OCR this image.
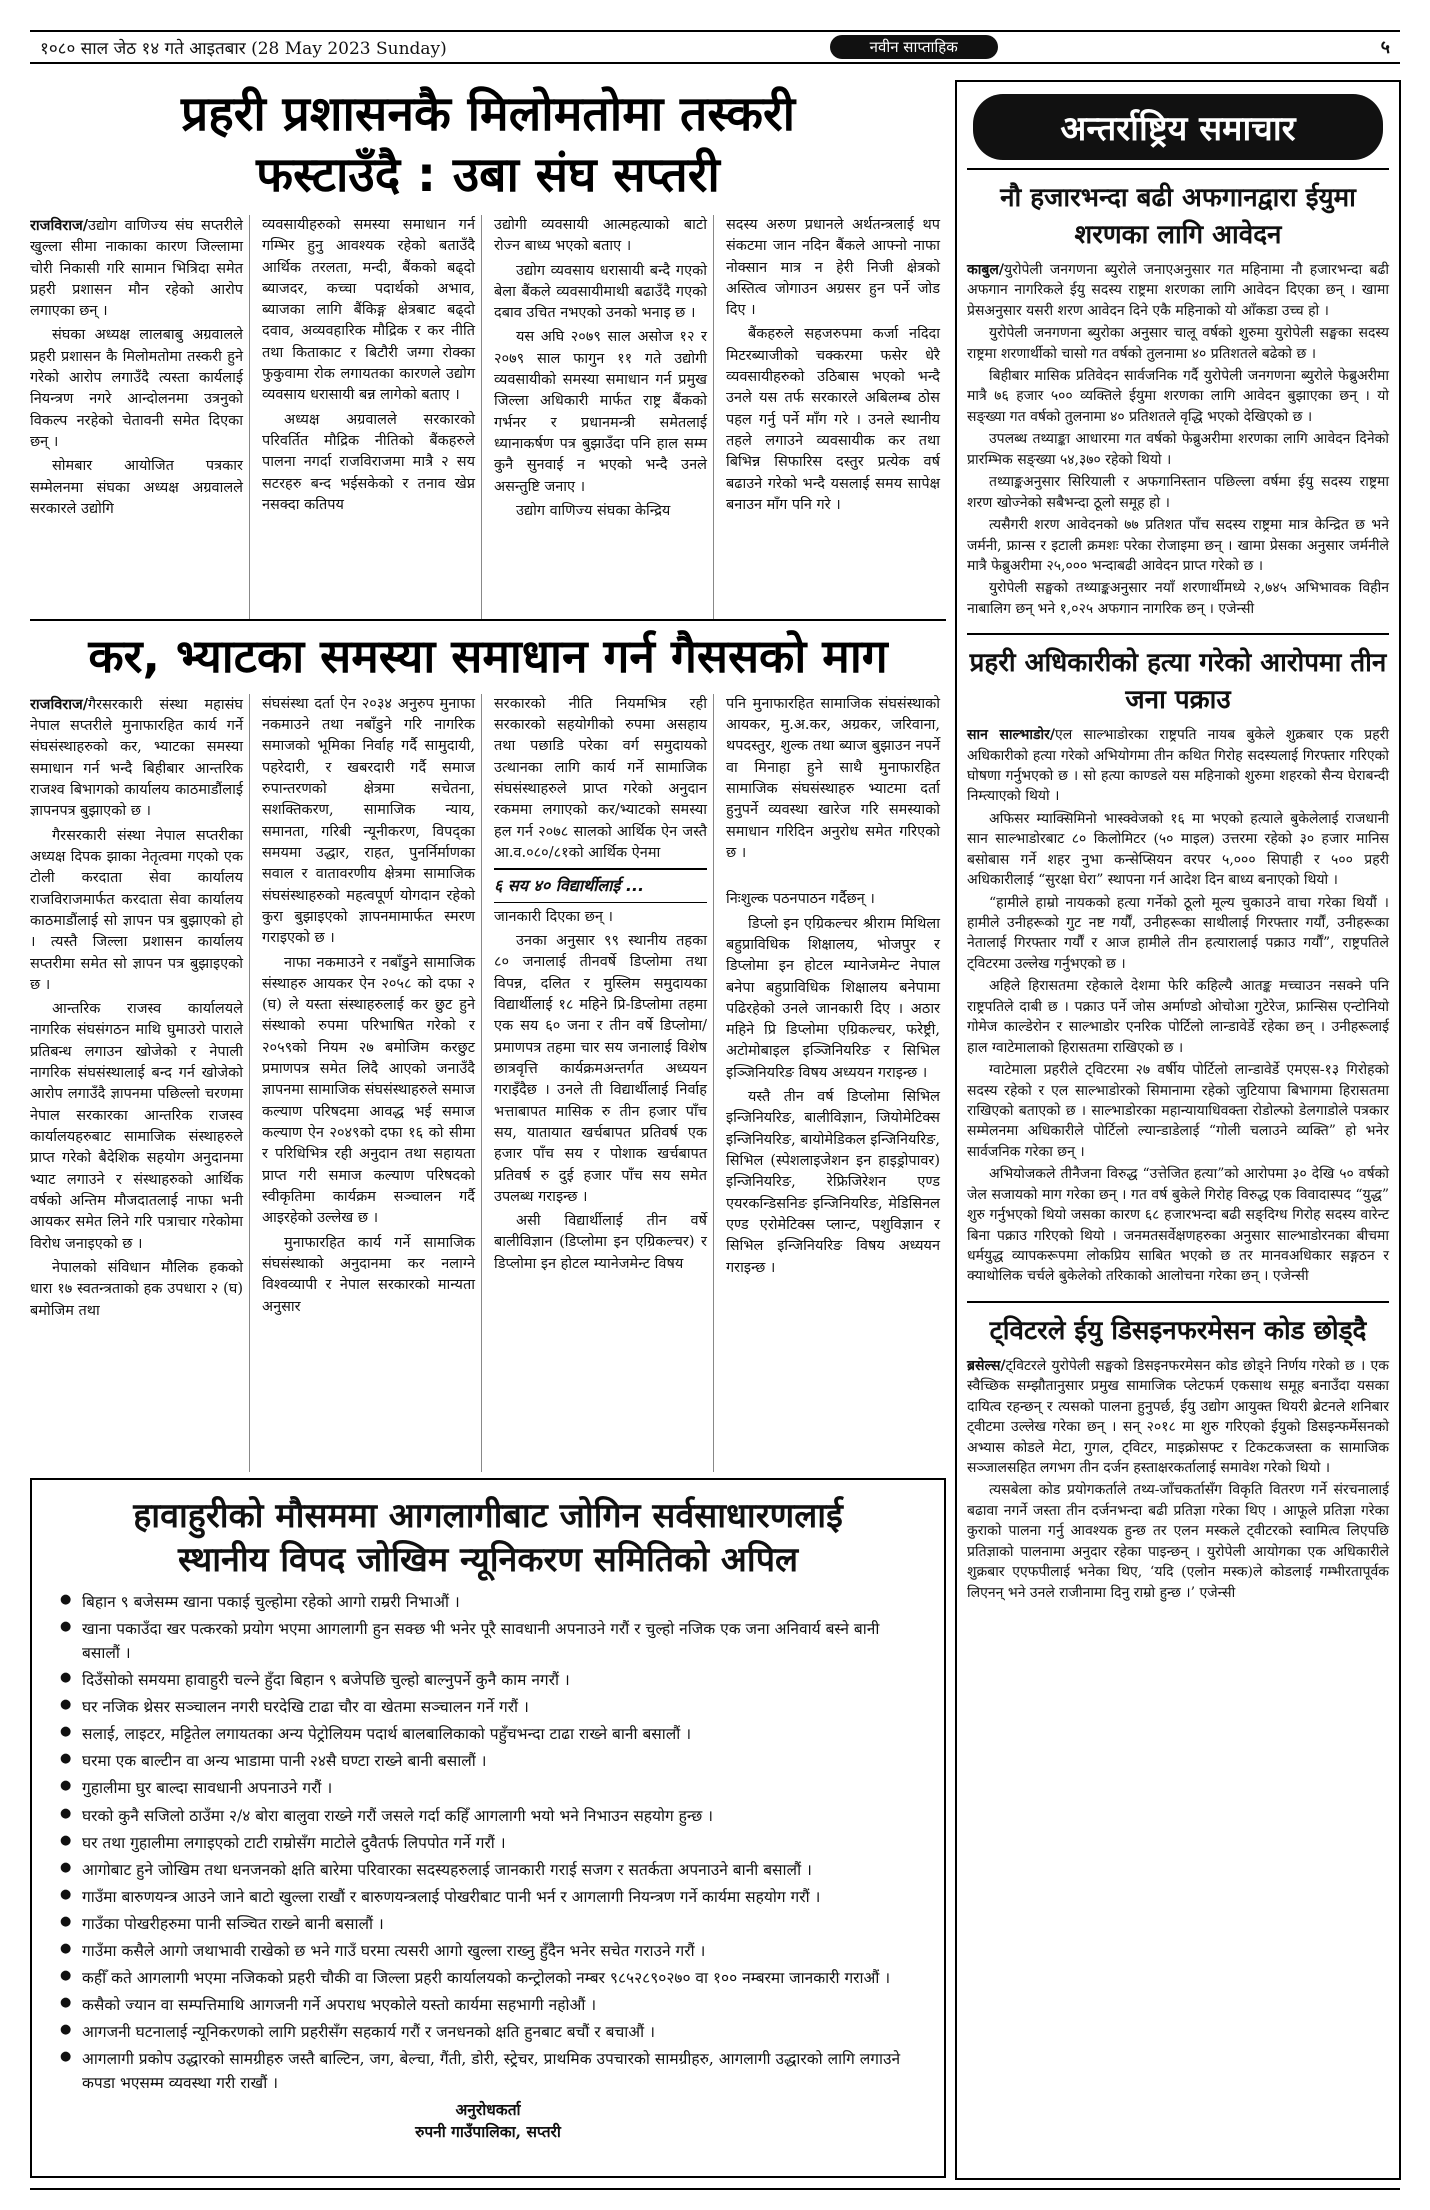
१०८० साल जेठ १४ गते आइतबार (28 May 2023 Sunday)	नवीन साप्ताहिक	५
प्रहरी प्रशासनकै मिलोमतोमा तस्करी
फस्टाउँदै : उबा संघ सप्तरी

राजविराज/उद्योग वाणिज्य संघ सप्तरीले खुल्ला सीमा नाकाका कारण जिल्लामा चोरी निकासी गरि सामान भित्रिदा समेत प्रहरी प्रशासन मौन रहेको आरोप लगाएका छन् ।

संघका अध्यक्ष लालबाबु अग्रवालले प्रहरी प्रशासन कै मिलोमतोमा तस्करी हुने गरेको आरोप लगाउँदै त्यस्ता कार्यलाई नियन्त्रण नगरे आन्दोलनमा उत्रनुको विकल्प नरहेको चेतावनी समेत दिएका छन् ।

सोमबार आयोजित पत्रकार सम्मेलनमा संघका अध्यक्ष अग्रवालले सरकारले उद्योगि

व्यवसायीहरुको समस्या समाधान गर्न गम्भिर हुनु आवश्यक रहेको बताउँदै आर्थिक तरलता, मन्दी, बैंकको बढ्दो ब्याजदर, कच्चा पदार्थको अभाव, ब्याजका लागि बैंकिङ्ग क्षेत्रबाट बढ्दो दवाव, अव्यवहारिक मौद्रिक र कर नीति तथा किताकाट र बिटौरी जग्गा रोक्का फुकुवामा रोक लगायतका कारणले उद्योग व्यवसाय धरासायी बन्न लागेको बताए ।

अध्यक्ष अग्रवालले सरकारको परिवर्तित मौद्रिक नीतिको बैंकहरुले पालना नगर्दा राजविराजमा मात्रै २ सय सटरहरु बन्द भईसकेको र तनाव खेप्न नसक्दा कतिपय

उद्योगी व्यवसायी आत्महत्याको बाटो रोज्न बाध्य भएको बताए ।

उद्योग व्यवसाय धरासायी बन्दै गएको बेला बैंकले व्यवसायीमाथी बढाउँदै गएको दबाव उचित नभएको उनको भनाइ छ ।

यस अघि २०७९ साल असोज १२ र २०७९ साल फागुन ११ गते उद्योगी व्यवसायीको समस्या समाधान गर्न प्रमुख जिल्ला अधिकारी मार्फत राष्ट्र बैंकको गर्भनर र प्रधानमन्त्री समेतलाई ध्यानाकर्षण पत्र बुझाउँदा पनि हाल सम्म कुनै सुनवाई न भएको भन्दै उनले असन्तुष्टि जनाए ।

उद्योग वाणिज्य संघका केन्द्रिय

सदस्य अरुण प्रधानले अर्थतन्त्रलाई थप संकटमा जान नदिन बैंकले आफ्नो नाफा नोक्सान मात्र न हेरी निजी क्षेत्रको अस्तित्व जोगाउन अग्रसर हुन पर्ने जोड दिए ।

बैंकहरुले सहजरुपमा कर्जा नदिदा मिटरब्याजीको चक्करमा फसेर धेरै व्यवसायीहरुको उठिबास भएको भन्दै उनले यस तर्फ सरकारले अबिलम्ब ठोस पहल गर्नु पर्ने माँग गरे । उनले स्थानीय तहले लगाउने व्यवसायीक कर तथा बिभिन्न सिफारिस दस्तुर प्रत्येक वर्ष बढाउने गरेको भन्दै यसलाई समय सापेक्ष बनाउन माँग पनि गरे ।

कर, भ्याटका समस्या समाधान गर्न गैससको माग

राजविराज/गैरसरकारी संस्था महासंघ नेपाल सप्तरीले मुनाफारहित कार्य गर्ने संघसंस्थाहरुको कर, भ्याटका समस्या समाधान गर्न भन्दै बिहीबार आन्तरिक राजश्व बिभागको कार्यालय काठमाडौंलाई ज्ञापनपत्र बुझाएको छ ।

गैरसरकारी संस्था नेपाल सप्तरीका अध्यक्ष दिपक झाका नेतृत्वमा गएको एक टोली करदाता सेवा कार्यालय राजविराजमार्फत करदाता सेवा कार्यालय काठमाडौंलाई सो ज्ञापन पत्र बुझाएको हो । त्यस्तै जिल्ला प्रशासन कार्यालय सप्तरीमा समेत सो ज्ञापन पत्र बुझाइएको छ ।

आन्तरिक राजस्व कार्यालयले नागरिक संघसंगठन माथि घुमाउरो पाराले प्रतिबन्ध लगाउन खोजेको र नेपाली नागरिक संघसंस्थालाई बन्द गर्न खोजेको आरोप लगाउँदै ज्ञापनमा पछिल्लो चरणमा नेपाल सरकारका आन्तरिक राजस्व कार्यालयहरुबाट सामाजिक संस्थाहरुले प्राप्त गरेको बैदेशिक सहयोग अनुदानमा भ्याट लगाउने र संस्थाहरुको आर्थिक वर्षको अन्तिम मौजदातलाई नाफा भनी आयकर समेत लिने गरि पत्राचार गरेकोमा विरोध जनाइएको छ ।

नेपालको संविधान मौलिक हकको धारा १७ स्वतन्त्रताको हक उपधारा २ (घ) बमोजिम तथा

संघसंस्था दर्ता ऐन २०३४ अनुरुप मुनाफा नकमाउने तथा नबाँडुने गरि नागरिक समाजको भूमिका निर्वाह गर्दै सामुदायी, पहरेदारी, र खबरदारी गर्दै समाज रुपान्तरणको क्षेत्रमा सचेतना, सशक्तिकरण, सामाजिक न्याय, समानता, गरिबी न्यूनीकरण, विपद्का समयमा उद्धार, राहत, पुनर्निर्माणका सवाल र वातावरणीय क्षेत्रमा सामाजिक संघसंस्थाहरुको महत्वपूर्ण योगदान रहेको कुरा बुझाइएको ज्ञापनमामार्फत स्मरण गराइएको छ ।

नाफा नकमाउने र नबाँडुने सामाजिक संस्थाहरु आयकर ऐन २०५८ को दफा २ (घ) ले यस्ता संस्थाहरुलाई कर छुट हुने संस्थाको रुपमा परिभाषित गरेको र २०५९को नियम २७ बमोजिम करछुट प्रमाणपत्र समेत लिदै आएको जनाउँदै ज्ञापनमा सामाजिक संघसंस्थाहरुले समाज कल्याण परिषदमा आवद्ध भई समाज कल्याण ऐन २०४९को दफा १६ को सीमा र परिधिभित्र रही अनुदान तथा सहायता प्राप्त गरी समाज कल्याण परिषदको स्वीकृतिमा कार्यक्रम सञ्चालन गर्दै आइरहेको उल्लेख छ ।

मुनाफारहित कार्य गर्ने सामाजिक संघसंस्थाको अनुदानमा कर नलाग्ने विश्वव्यापी र नेपाल सरकारको मान्यता अनुसार

सरकारको नीति नियमभित्र रही सरकारको सहयोगीको रुपमा असहाय तथा पछाडि परेका वर्ग समुदायको उत्थानका लागि कार्य गर्ने सामाजिक संघसंस्थाहरुले प्राप्त गरेको अनुदान रकममा लगाएको कर/भ्याटको समस्या हल गर्न २०७८ सालको आर्थिक ऐन जस्तै आ.व.०८०/८१को आर्थिक ऐनमा

६ सय ४० विद्यार्थीलाई ...

जानकारी दिएका छन् ।

उनका अनुसार ९९ स्थानीय तहका ८० जनालाई तीनवर्षे डिप्लोमा तथा विपन्न, दलित र मुस्लिम समुदायका विद्यार्थीलाई १८ महिने प्रि-डिप्लोमा तहमा एक सय ६० जना र तीन वर्षे डिप्लोमा/प्रमाणपत्र तहमा चार सय जनालाई विशेष छात्रवृत्ति कार्यक्रमअन्तर्गत अध्ययन गराइँदैछ । उनले ती विद्यार्थीलाई निर्वाह भत्ताबापत मासिक रु तीन हजार पाँच सय, यातायात खर्चबापत प्रतिवर्ष एक हजार पाँच सय र पोशाक खर्चबापत प्रतिवर्ष रु दुई हजार पाँच सय समेत उपलब्ध गराइन्छ ।

असी विद्यार्थीलाई तीन वर्षे बालीविज्ञान (डिप्लोमा इन एग्रिकल्चर) र डिप्लोमा इन होटल म्यानेजमेन्ट विषय

पनि मुनाफारहित सामाजिक संघसंस्थाको आयकर, मु.अ.कर, अग्रकर, जरिवाना, थपदस्तुर, शुल्क तथा ब्याज बुझाउन नपर्ने वा मिनाहा हुने साथै मुनाफारहित सामाजिक संघसंस्थाहरु भ्याटमा दर्ता हुनुपर्ने व्यवस्था खारेज गरि समस्याको समाधान गरिदिन अनुरोध समेत गरिएको छ ।

निःशुल्क पठनपाठन गर्दैछन् ।

डिप्लो इन एग्रिकल्चर श्रीराम मिथिला बहुप्राविधिक शिक्षालय, भोजपुर र डिप्लोमा इन होटल म्यानेजमेन्ट नेपाल बनेपा बहुप्राविधिक शिक्षालय बनेपामा पढिरहेको उनले जानकारी दिए । अठार महिने प्रि डिप्लोमा एग्रिकल्चर, फरेष्ट्री, अटोमोबाइल इञ्जिनियरिङ र सिभिल इञ्जिनियरिङ विषय अध्ययन गराइन्छ ।

यस्तै तीन वर्ष डिप्लोमा सिभिल इन्जिनियरिङ, बालीविज्ञान, जियोमेटिक्स इन्जिनियरिङ, बायोमेडिकल इन्जिनियरिङ, सिभिल (स्पेशलाइजेशन इन हाइड्रोपावर) इन्जिनियरिङ, रेफ्रिजिरेशन एण्ड एयरकन्डिसनिङ इन्जिनियरिङ, मेडिसिनल एण्ड एरोमेटिक्स प्लान्ट, पशुविज्ञान र सिभिल इन्जिनियरिङ विषय अध्ययन गराइन्छ ।

हावाहुरीको मौसममा आगलागीबाट जोगिन सर्वसाधारणलाई
स्थानीय विपद जोखिम न्यूनिकरण समितिको अपिल
● बिहान ९ बजेसम्म खाना पकाई चुल्होमा रहेको आगो राम्ररी निभाऔं ।
● खाना पकाउँदा खर पत्करको प्रयोग भएमा आगलागी हुन सक्छ भी भनेर पूरै सावधानी अपनाउने गरौं र चुल्हो नजिक एक जना अनिवार्य बस्ने बानी बसालौं ।
● दिउँसोको समयमा हावाहुरी चल्ने हुँदा बिहान ९ बजेपछि चुल्हो बाल्नुपर्ने कुनै काम नगरौं ।
● घर नजिक थ्रेसर सञ्चालन नगरी घरदेखि टाढा चौर वा खेतमा सञ्चालन गर्ने गरौं ।
● सलाई, लाइटर, मट्टितेल लगायतका अन्य पेट्रोलियम पदार्थ बालबालिकाको पहुँचभन्दा टाढा राख्ने बानी बसालौं ।
● घरमा एक बाल्टीन वा अन्य भाडामा पानी २४सै घण्टा राख्ने बानी बसालौं ।
● गुहालीमा घुर बाल्दा सावधानी अपनाउने गरौं ।
● घरको कुनै सजिलो ठाउँमा २/४ बोरा बालुवा राख्ने गरौं जसले गर्दा कहिँ आगलागी भयो भने निभाउन सहयोग हुन्छ ।
● घर तथा गुहालीमा लगाइएको टाटी राम्रोसँग माटोले दुवैतर्फ लिपपोत गर्ने गरौं ।
● आगोबाट हुने जोखिम तथा धनजनको क्षति बारेमा परिवारका सदस्यहरुलाई जानकारी गराई सजग र सतर्कता अपनाउने बानी बसालौं ।
● गाउँमा बारुणयन्त्र आउने जाने बाटो खुल्ला राखौं र बारुणयन्त्रलाई पोखरीबाट पानी भर्न र आगलागी नियन्त्रण गर्ने कार्यमा सहयोग गरौं ।
● गाउँका पोखरीहरुमा पानी सञ्चित राख्ने बानी बसालौं ।
● गाउँमा कसैले आगो जथाभावी राखेको छ भने गाउँ घरमा त्यसरी आगो खुल्ला राख्नु हुँदैन भनेर सचेत गराउने गरौं ।
● कहीँ कते आगलागी भएमा नजिकको प्रहरी चौकी वा जिल्ला प्रहरी कार्यालयको कन्ट्रोलको नम्बर ९८५२८९०२७० वा १०० नम्बरमा जानकारी गराऔं ।
● कसैको ज्यान वा सम्पत्तिमाथि आगजनी गर्ने अपराध भएकोले यस्तो कार्यमा सहभागी नहोऔं ।
● आगजनी घटनालाई न्यूनिकरणको लागि प्रहरीसँग सहकार्य गरौं र जनधनको क्षति हुनबाट बचौं र बचाऔं ।
● आगलागी प्रकोप उद्धारको सामग्रीहरु जस्तै बाल्टिन, जग, बेल्चा, गैंती, डोरी, स्ट्रेचर, प्राथमिक उपचारको सामग्रीहरु, आगलागी उद्धारको लागि लगाउने कपडा भएसम्म व्यवस्था गरी राखौं ।
अनुरोधकर्ता
रुपनी गाउँपालिका, सप्तरी
अन्तर्राष्ट्रिय समाचार
नौ हजारभन्दा बढी अफगानद्वारा ईयुमा शरणका लागि आवेदन

काबुल/युरोपेली जनगणना ब्युरोले जनाएअनुसार गत महिनामा नौ हजारभन्दा बढी अफगान नागरिकले ईयु सदस्य राष्ट्रमा शरणका लागि आवेदन दिएका छन् । खामा प्रेसअनुसार यसरी शरण आवेदन दिने एकै महिनाको यो आँकडा उच्च हो ।

युरोपेली जनगणना ब्युरोका अनुसार चालू वर्षको शुरुमा युरोपेली सङ्घका सदस्य राष्ट्रमा शरणार्थीको चासो गत वर्षको तुलनामा ४० प्रतिशतले बढेको छ ।

बिहीबार मासिक प्रतिवेदन सार्वजनिक गर्दै युरोपेली जनगणना ब्युरोले फेब्रुअरीमा मात्रै ७६ हजार ५०० व्यक्तिले ईयुमा शरणका लागि आवेदन बुझाएका छन् । यो सङ्ख्या गत वर्षको तुलनामा ४० प्रतिशतले वृद्धि भएको देखिएको छ ।

उपलब्ध तथ्याङ्का आधारमा गत वर्षको फेब्रुअरीमा शरणका लागि आवेदन दिनेको प्रारम्भिक सङ्ख्या ५४,३७० रहेको थियो ।

तथ्याङ्कअनुसार सिरियाली र अफगानिस्तान पछिल्ला वर्षमा ईयु सदस्य राष्ट्रमा शरण खोज्नेको सबैभन्दा ठूलो समूह हो ।

त्यसैगरी शरण आवेदनको ७७ प्रतिशत पाँच सदस्य राष्ट्रमा मात्र केन्द्रित छ भने जर्मनी, फ्रान्स र इटाली क्रमशः परेका रोजाइमा छन् । खामा प्रेसका अनुसार जर्मनीले मात्रै फेब्रुअरीमा २५,००० भन्दाबढी आवेदन प्राप्त गरेको छ ।

युरोपेली सङ्घको तथ्याङ्कअनुसार नयाँ शरणार्थीमध्ये २,७४५ अभिभावक विहीन नाबालिग छन् भने १,०२५ अफगान नागरिक छन् । एजेन्सी

प्रहरी अधिकारीको हत्या गरेको आरोपमा तीन जना पक्राउ

सान साल्भाडोर/एल साल्भाडोरका राष्ट्रपति नायब बुकेले शुक्रबार एक प्रहरी अधिकारीको हत्या गरेको अभियोगमा तीन कथित गिरोह सदस्यलाई गिरफ्तार गरिएको घोषणा गर्नुभएको छ । सो हत्या काण्डले यस महिनाको शुरुमा शहरको सैन्य घेराबन्दी निम्त्याएको थियो ।

अफिसर म्याक्सिमिनो भास्क्वेजको १६ मा भएको हत्याले बुकेलेलाई राजधानी सान साल्भाडोरबाट ८० किलोमिटर (५० माइल) उत्तरमा रहेको ३० हजार मानिस बसोबास गर्ने शहर नुभा कन्सेप्सियन वरपर ५,००० सिपाही र ५०० प्रहरी अधिकारीलाई “सुरक्षा घेरा” स्थापना गर्न आदेश दिन बाध्य बनाएको थियो ।

“हामीले हाम्रो नायकको हत्या गर्नेको ठूलो मूल्य चुकाउने वाचा गरेका थियौं । हामीले उनीहरूको गुट नष्ट गर्यौं, उनीहरूका साथीलाई गिरफ्तार गर्यौं, उनीहरूका नेतालाई गिरफ्तार गर्यौं र आज हामीले तीन हत्यारालाई पक्राउ गर्यौं”, राष्ट्रपतिले ट्विटरमा उल्लेख गर्नुभएको छ ।

अहिले हिरासतमा रहेकाले देशमा फेरि कहिल्यै आतङ्क मच्चाउन नसक्ने पनि राष्ट्रपतिले दाबी छ । पक्राउ पर्ने जोस अर्माण्डो ओचोआ गुटेरेज, फ्रान्सिस एन्टोनियो गोमेज काल्डेरोन र साल्भाडोर एनरिक पोर्टिलो लान्डावेर्डे रहेका छन् । उनीहरूलाई हाल ग्वाटेमालाको हिरासतमा राखिएको छ ।

ग्वाटेमाला प्रहरीले ट्विटरमा २७ वर्षीय पोर्टिलो लान्डावेर्डे एमएस-१३ गिरोहको सदस्य रहेको र एल साल्भाडोरको सिमानामा रहेको जुटियापा बिभागमा हिरासतमा राखिएको बताएको छ । साल्भाडोरका महान्यायाधिवक्ता रोडोल्फो डेलगाडोले पत्रकार सम्मेलनमा अधिकारीले पोर्टिलो ल्यान्डाडेलाई “गोली चलाउने व्यक्ति” हो भनेर सार्वजनिक गरेका छन् ।

अभियोजकले तीनैजना विरुद्ध “उत्तेजित हत्या”को आरोपमा ३० देखि ५० वर्षको जेल सजायको माग गरेका छन् । गत वर्ष बुकेले गिरोह विरुद्ध एक विवादास्पद “युद्ध” शुरु गर्नुभएको थियो जसका कारण ६८ हजारभन्दा बढी सङ्दिग्ध गिरोह सदस्य वारेन्ट बिना पक्राउ गरिएको थियो । जनमतसर्वेक्षणहरुका अनुसार साल्भाडोरनका बीचमा धर्मयुद्ध व्यापकरूपमा लोकप्रिय साबित भएको छ तर मानवअधिकार सङ्गठन र क्याथोलिक चर्चले बुकेलेको तरिकाको आलोचना गरेका छन् । एजेन्सी

ट्विटरले ईयु डिसइनफरमेसन कोड छोड्दै

ब्रसेल्स/ट्विटरले युरोपेली सङ्घको डिसइनफरमेसन कोड छोड्ने निर्णय गरेको छ । एक स्वैच्छिक सम्झौतानुसार प्रमुख सामाजिक प्लेटफर्म एकसाथ समूह बनाउँदा यसका दायित्व रहन्छन् र त्यसको पालना हुनुपर्छ, ईयु उद्योग आयुक्त थियरी ब्रेटनले शनिबार ट्वीटमा उल्लेख गरेका छन् । सन् २०१८ मा शुरु गरिएको ईयुको डिसइन्फर्मेसनको अभ्यास कोडले मेटा, गुगल, ट्विटर, माइक्रोसफ्ट र टिकटकजस्ता क सामाजिक सञ्जालसहित लगभग तीन दर्जन हस्ताक्षरकर्तालाई समावेश गरेको थियो ।

त्यसबेला कोड प्रयोगकर्ताले तथ्य-जाँचकर्तासँग विकृति वितरण गर्ने संरचनालाई बढावा नगर्ने जस्ता तीन दर्जनभन्दा बढी प्रतिज्ञा गरेका थिए । आफूले प्रतिज्ञा गरेका कुराको पालना गर्नु आवश्यक हुन्छ तर एलन मस्कले ट्वीटरको स्वामित्व लिएपछि प्रतिज्ञाको पालनामा अनुदार रहेका पाइन्छन् । युरोपेली आयोगका एक अधिकारीले शुक्रबार एएफपीलाई भनेका थिए, ‘यदि (एलोन मस्क)ले कोडलाई गम्भीरतापूर्वक लिएनन् भने उनले राजीनामा दिनु राम्रो हुन्छ ।’ एजेन्सी
